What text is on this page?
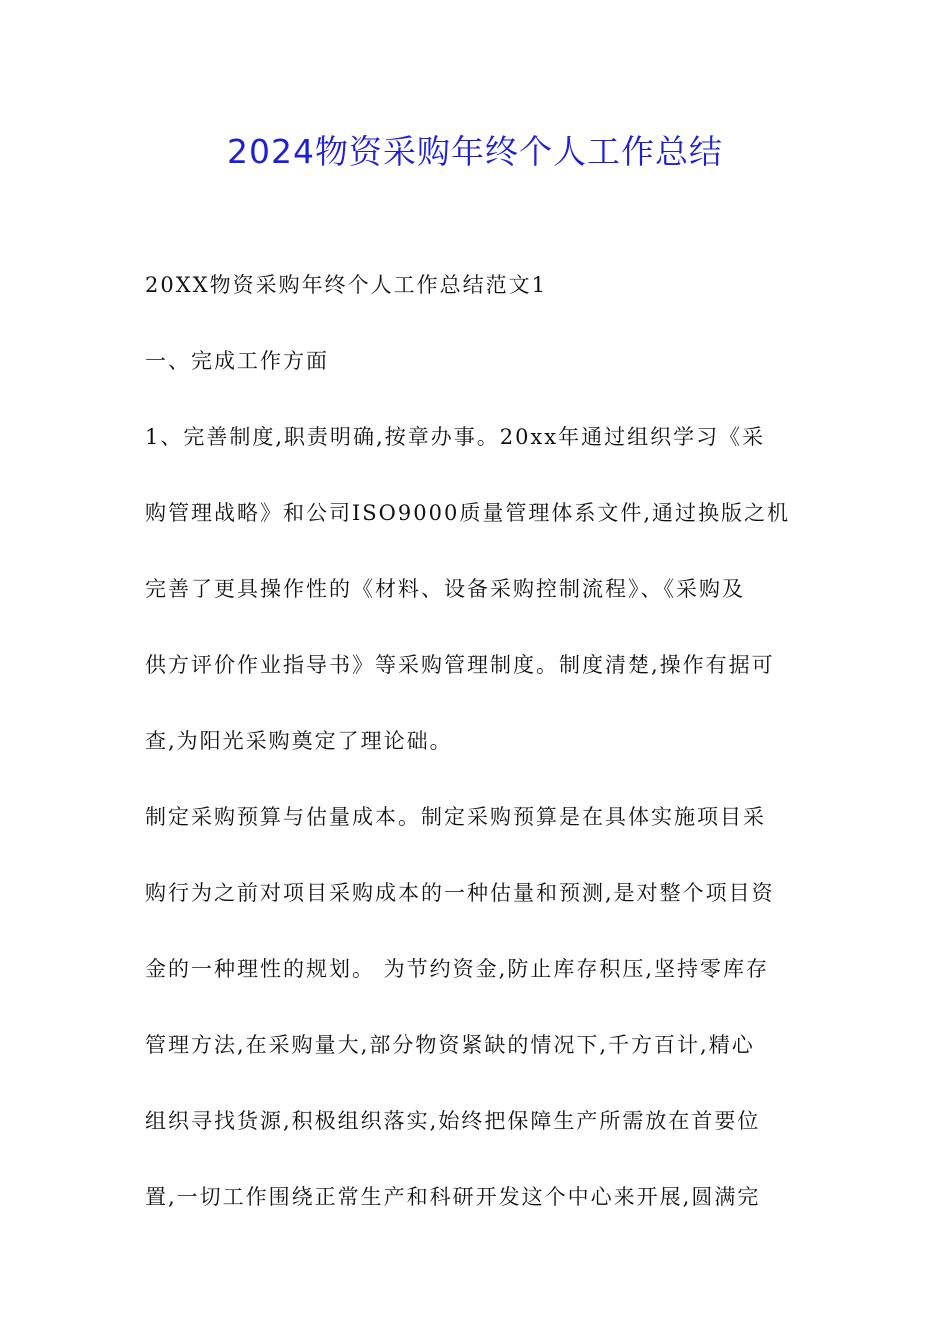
2024物资采购年终个人工作总结

20XX物资采购年终个人工作总结范文1

一、完成工作方面

1、完善制度,职责明确,按章办事。20xx年通过组织学习《采

购管理战略》和公司ISO9000质量管理体系文件,通过换版之机

完善了更具操作性的《材料、设备采购控制流程》、《采购及

供方评价作业指导书》等采购管理制度。制度清楚,操作有据可

查,为阳光采购奠定了理论础。

制定采购预算与估量成本。制定采购预算是在具体实施项目采

购行为之前对项目采购成本的一种估量和预测,是对整个项目资

金的一种理性的规划。 为节约资金,防止库存积压,坚持零库存

管理方法,在采购量大,部分物资紧缺的情况下,千方百计,精心

组织寻找货源,积极组织落实,始终把保障生产所需放在首要位

置,一切工作围绕正常生产和科研开发这个中心来开展,圆满完
